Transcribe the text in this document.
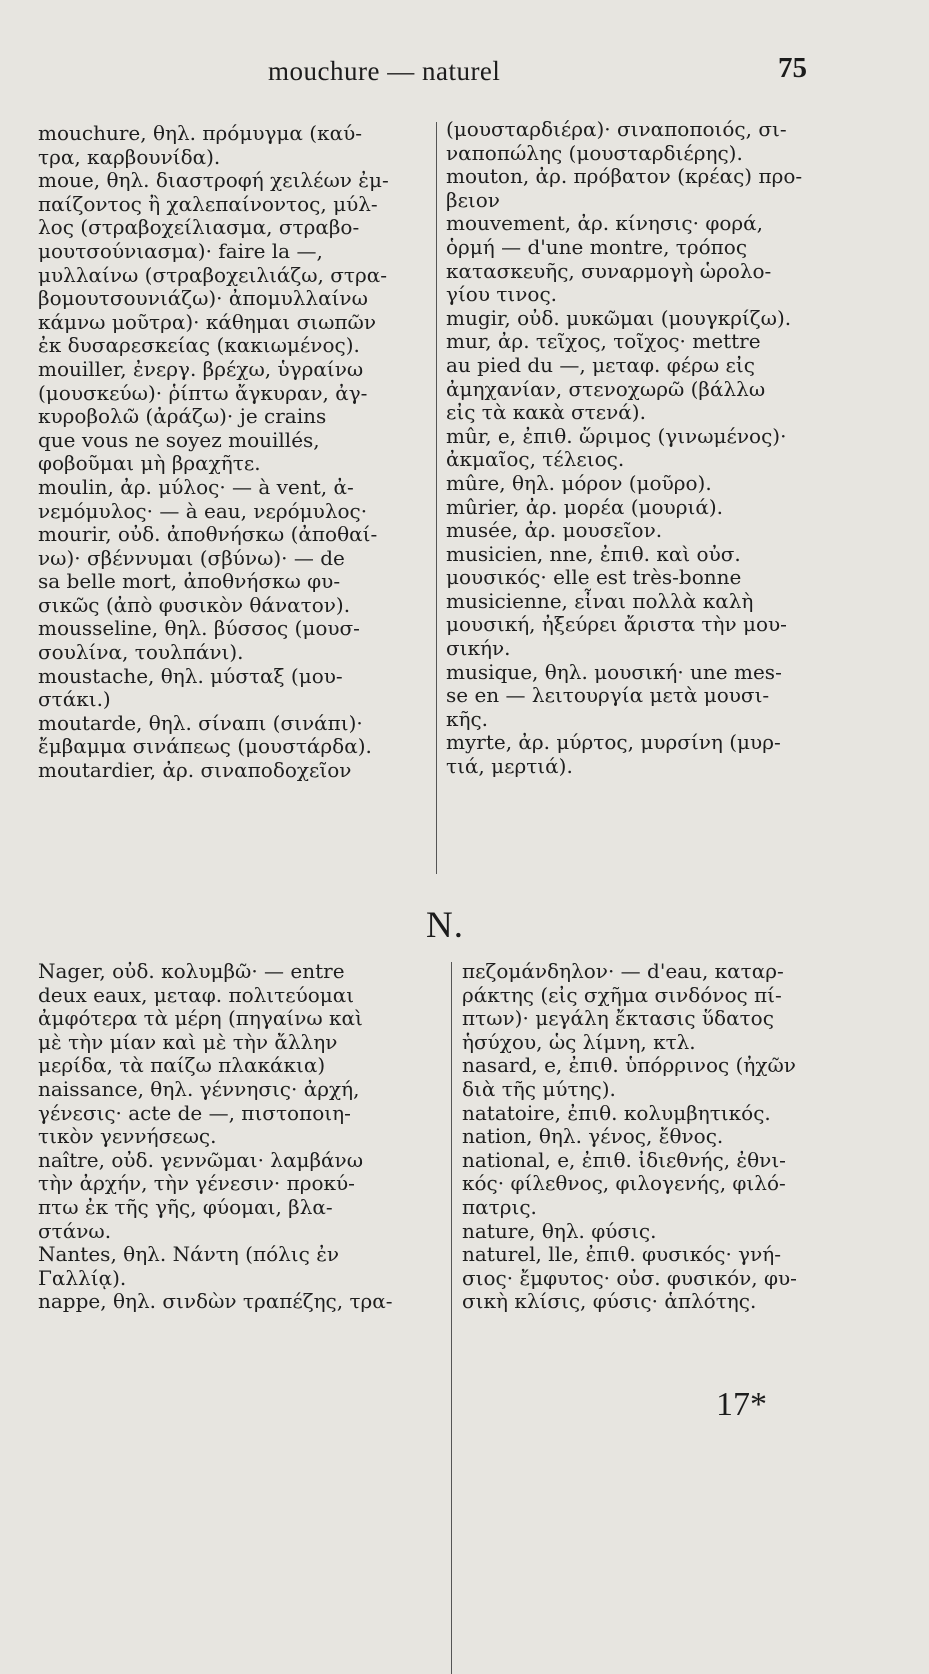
mouchure — naturel	75
mouchure, θηλ. πρόμυγμα (καύ-
τρα, καρβουνίδα).
moue, θηλ. διαστροφή χειλέων ἐμ-
παίζοντος ἢ χαλεπαίνοντος, μύλ-
λος (στραβοχείλιασμα, στραβο-
μουτσούνιασμα)· faire la —,
μυλλαίνω (στραβοχειλιάζω, στρα-
βομουτσουνιάζω)· ἀπομυλλαίνω
κάμνω μοῦτρα)· κάθημαι σιωπῶν
ἐκ δυσαρεσκείας (κακιωμένος).
mouiller, ἐνεργ. βρέχω, ὑγραίνω
(μουσκεύω)· ῥίπτω ἄγκυραν, ἀγ-
κυροβολῶ (ἀράζω)· je crains
que vous ne soyez mouillés,
φοβοῦμαι μὴ βραχῆτε.
moulin, ἀρ. μύλος· — à vent, ἀ-
νεμόμυλος· — à eau, νερόμυλος·
mourir, οὐδ. ἀποθνήσκω (ἀποθαί-
νω)· σβέννυμαι (σβύνω)· — de
sa belle mort, ἀποθνήσκω φυ-
σικῶς (ἀπὸ φυσικὸν θάνατον).
mousseline, θηλ. βύσσος (μουσ-
σουλίνα, τουλπάνι).
moustache, θηλ. μύσταξ (μου-
στάκι.)
moutarde, θηλ. σίναπι (σινάπι)·
ἔμβαμμα σινάπεως (μουστάρδα).
moutardier, ἀρ. σιναποδοχεῖον
(μουσταρδιέρα)· σιναποποιός, σι-
ναποπώλης (μουσταρδιέρης).
mouton, ἀρ. πρόβατον (κρέας) προ-
βειον
mouvement, ἀρ. κίνησις· φορά,
ὁρμή — d'une montre, τρόπος
κατασκευῆς, συναρμογὴ ὡρολο-
γίου τινος.
mugir, οὐδ. μυκῶμαι (μουγκρίζω).
mur, ἀρ. τεῖχος, τοῖχος· mettre
au pied du —, μεταφ. φέρω εἰς
ἀμηχανίαν, στενοχωρῶ (βάλλω
εἰς τὰ κακὰ στενά).
mûr, e, ἐπιθ. ὥριμος (γινωμένος)·
ἀκμαῖος, τέλειος.
mûre, θηλ. μόρον (μοῦρο).
mûrier, ἀρ. μορέα (μουριά).
musée, ἀρ. μουσεῖον.
musicien, nne, ἐπιθ. καὶ οὐσ.
μουσικός· elle est très-bonne
musicienne, εἶναι πολλὰ καλὴ
μουσική, ἠξεύρει ἄριστα τὴν μου-
σικήν.
musique, θηλ. μουσική· une mes-
se en — λειτουργία μετὰ μουσι-
κῆς.
myrte, ἀρ. μύρτος, μυρσίνη (μυρ-
τιά, μερτιά).
N.
Nager, οὐδ. κολυμβῶ· — entre
deux eaux, μεταφ. πολιτεύομαι
ἀμφότερα τὰ μέρη (πηγαίνω καὶ
μὲ τὴν μίαν καὶ μὲ τὴν ἄλλην
μερίδα, τὰ παίζω πλακάκια)
naissance, θηλ. γέννησις· ἀρχή,
γένεσις· acte de —, πιστοποιη-
τικὸν γεννήσεως.
naître, οὐδ. γεννῶμαι· λαμβάνω
τὴν ἀρχήν, τὴν γένεσιν· προκύ-
πτω ἐκ τῆς γῆς, φύομαι, βλα-
στάνω.
Nantes, θηλ. Νάντη (πόλις ἐν
Γαλλίᾳ).
nappe, θηλ. σινδὼν τραπέζης, τρα-
πεζομάνδηλον· — d'eau, καταρ-
ράκτης (εἰς σχῆμα σινδόνος πί-
πτων)· μεγάλη ἔκτασις ὕδατος
ἡσύχου, ὡς λίμνη, κτλ.
nasard, e, ἐπιθ. ὑπόρρινος (ἠχῶν
διὰ τῆς μύτης).
natatoire, ἐπιθ. κολυμβητικός.
nation, θηλ. γένος, ἔθνος.
national, e, ἐπιθ. ἰδιεθνής, ἐθνι-
κός· φίλεθνος, φιλογενής, φιλό-
πατρις.
nature, θηλ. φύσις.
naturel, lle, ἐπιθ. φυσικός· γνή-
σιος· ἔμφυτος· οὐσ. φυσικόν, φυ-
σικὴ κλίσις, φύσις· ἁπλότης.
17*
